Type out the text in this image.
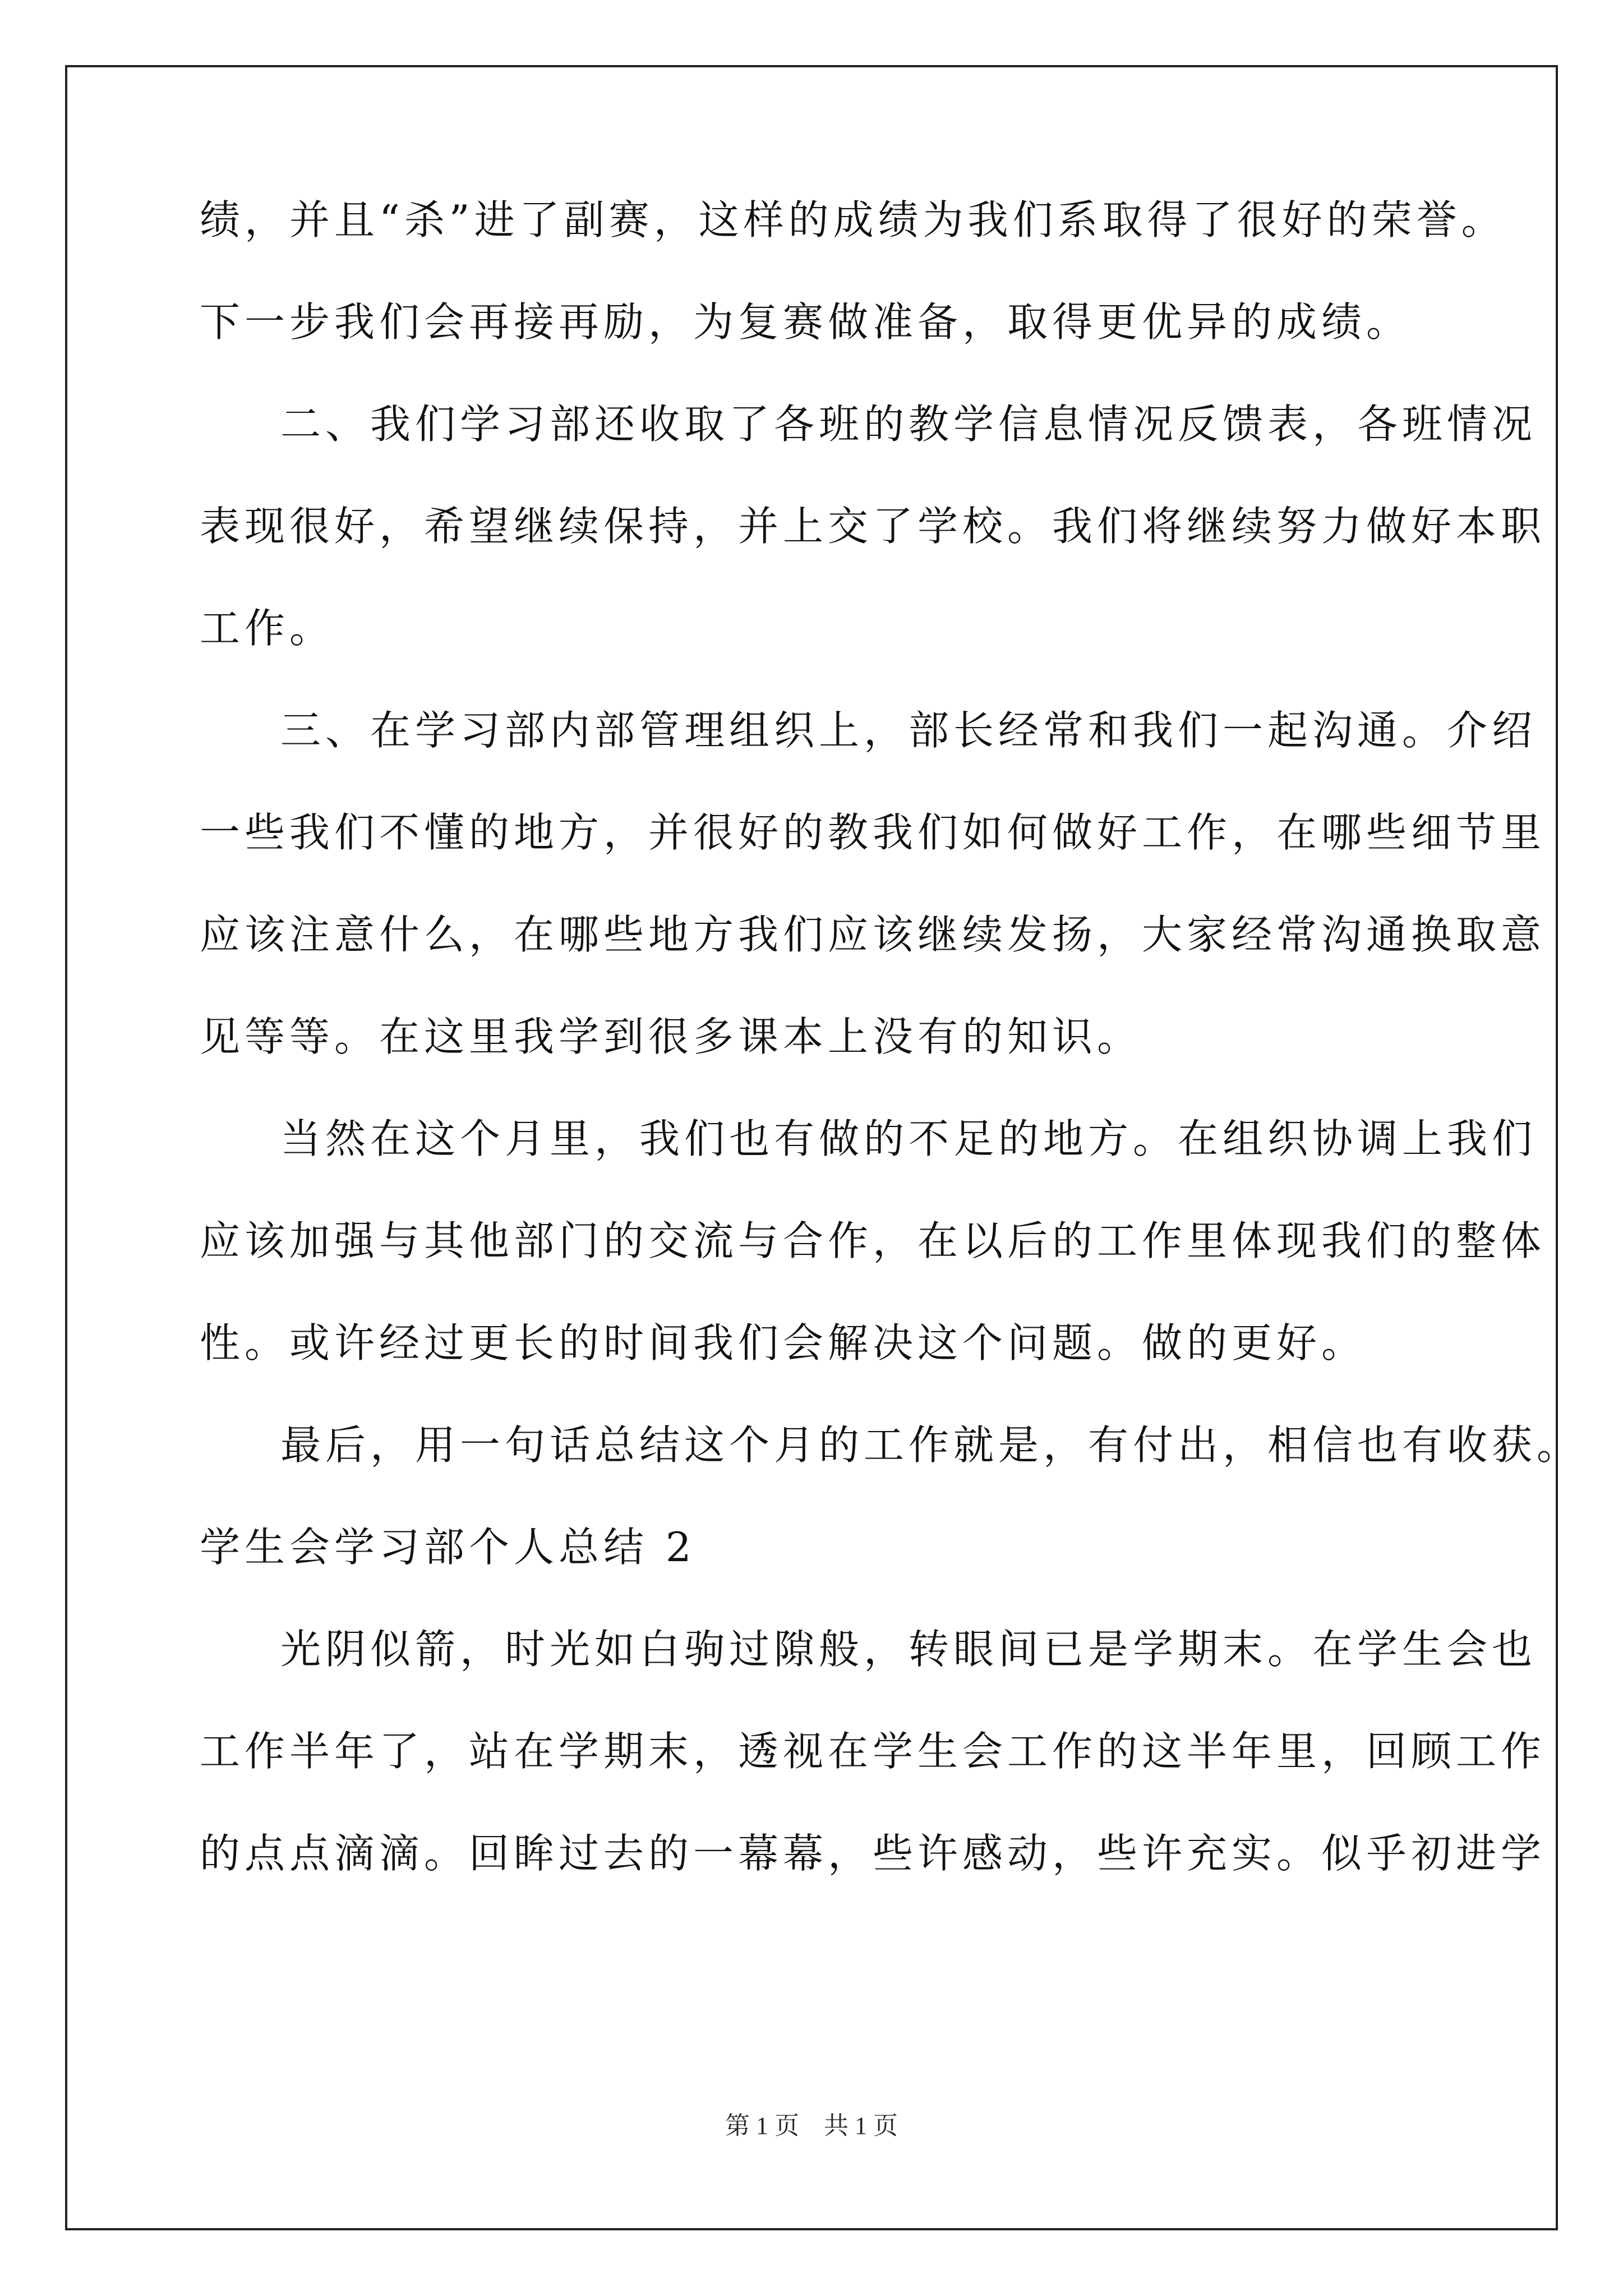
绩，并且“杀”进了副赛，这样的成绩为我们系取得了很好的荣誉。
下一步我们会再接再励，为复赛做准备，取得更优异的成绩。
二、我们学习部还收取了各班的教学信息情况反馈表，各班情况
表现很好，希望继续保持，并上交了学校。我们将继续努力做好本职
工作。
三、在学习部内部管理组织上，部长经常和我们一起沟通。介绍
一些我们不懂的地方，并很好的教我们如何做好工作，在哪些细节里
应该注意什么，在哪些地方我们应该继续发扬，大家经常沟通换取意
见等等。在这里我学到很多课本上没有的知识。
当然在这个月里，我们也有做的不足的地方。在组织协调上我们
应该加强与其他部门的交流与合作，在以后的工作里体现我们的整体
性。或许经过更长的时间我们会解决这个问题。做的更好。
最后，用一句话总结这个月的工作就是，有付出，相信也有收获。
学生会学习部个人总结 2
光阴似箭，时光如白驹过隙般，转眼间已是学期末。在学生会也
工作半年了，站在学期末，透视在学生会工作的这半年里，回顾工作
的点点滴滴。回眸过去的一幕幕，些许感动，些许充实。似乎初进学
第 1 页　共 1 页
